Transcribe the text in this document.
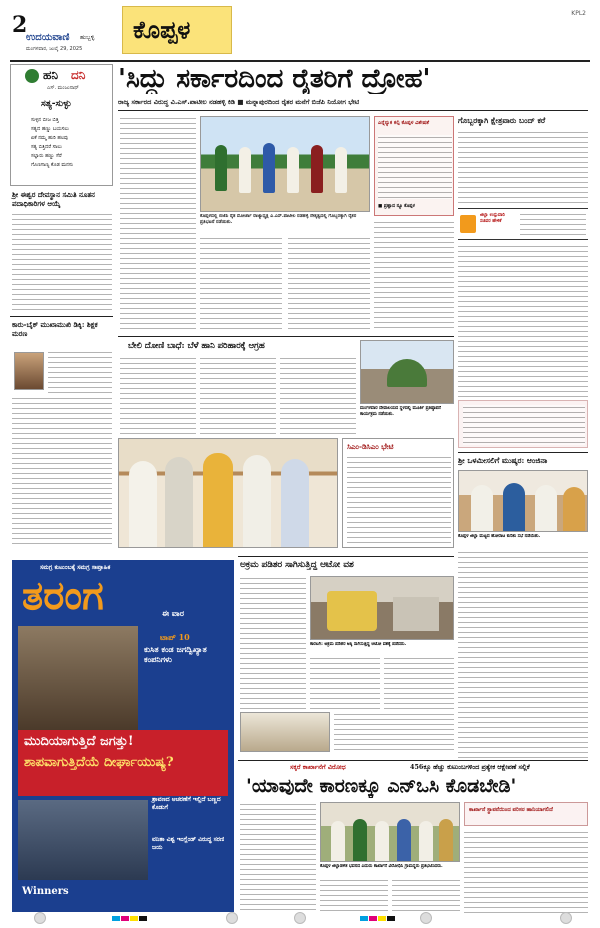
2
ಉದಯವಾಣಿ ಹುಬ್ಬಳ್ಳಿ
ಮಂಗಳವಾರ, ಜುಲೈ 29, 2025
ಕೊಪ್ಪಳ
KPL2
ಹನಿ ದನಿ
ಎಸ್. ಮಂಜುನಾಥ್
ಸತ್ಯ-ಸುಳ್ಳು
ಸುಳ್ಳಿನ ಬೀಜ ಬಿತ್ತಿ
ಸತ್ಯದ ಹಣ್ಣು ಬಯಸಲು
ಏಕೆ ನಮ್ಮ ಹುರಿ ಹಲವು
ಸತ್ಯ ಬಿತ್ತಿದರೆ ಸಾಲು
ಸಲ್ಲಾರು ಹಣ್ಣು ಸೆರೆ
ಗೊಣಗಾಣ್ಯ ಕೊಡ ಮನಸು
ಶ್ರೀ ಈಶ್ವರ ದೇವಸ್ಥಾನ ಸಮಿತಿ ನೂತನ ಪದಾಧಿಕಾರಿಗಳ ಆಯ್ಕೆ
ಕಾರು-ಬೈಕ್ ಮುಖಾಮುಖಿ ಡಿಕ್ಕಿ: ಶಿಕ್ಷಕ ಮರಣ
'ಸಿದ್ದು ಸರ್ಕಾರದಿಂದ ರೈತರಿಗೆ ದ್ರೋಹ'
ರಾಜ್ಯ ಸರ್ಕಾರದ ವಿರುದ್ಧ ವಿ.ಎಸ್.ಪಾಟೀಲ ನಡಹಳ್ಳಿ ಕಿಡಿ ■ ಮನ್ನಾಪುರದಿಂದ ರೈತರ ಮನೆಗೆ ಬಿಜೆಪಿ ನಿಯೋಗ ಭೇಟಿ
ಕೊಪ್ಪಳದಲ್ಲಿ ಬಿಜೆಪಿ ರೈತ ಮೋರ್ಚಾ ರಾಜ್ಯಾಧ್ಯಕ್ಷ ಎ.ಎಸ್.ಪಾಟೀಲ ನಡಹಳ್ಳಿ ನೇತೃತ್ವದಲ್ಲಿ ಗೊಬ್ಬರಕ್ಕಾಗಿ ರೈತರ ಪ್ರತಿಭಟನೆ ನಡೆಯಿತು.
ಎನ್ನೆನ್ಯುಕ ಕಲ್ಪಿ ಕೊಪ್ಪಳ ವಿಶೇಷತೆ
■ ಪ್ರಹ್ಲಾದ ನ್ಯೂ ಕೊಪ್ಪಳ
ಗೊಬ್ಬರಕ್ಕಾಗಿ ಕ್ಷೇತ್ರವಾರು ಬಂದ್ ಕರೆ
ಜಿಲ್ಲಾ ಉಸ್ತುವಾರಿ ಸಚಿವರ ಹೇಳಿಕೆ
ಬೇಲಿ ದೋಣಿ ಬಾಧೆ: ಬೆಳೆ ಹಾನಿ ಪರಿಹಾರಕ್ಕೆ ಆಗ್ರಹ
ಮಂಗಳವಾರ ದೇವಾಲಯದ ಸ್ಥಳದಲ್ಲಿ ಮೂರ್ತಿ ಪ್ರತಿಷ್ಠಾಪನೆ ಕಾರ್ಯಕ್ರಮ ನಡೆಯಿತು.
ಸಿಎಂ-ಡಿಸಿಎಂ ಭೇಟಿ
ಶ್ರೀ ಒಳಮೀಸಲಿಗೆ ಮುಷ್ಕರ: ಆಂಜಿನಾ
ಕೊಪ್ಪಳ ಜಿಲ್ಲಾ ಮಟ್ಟದ ಹೋರಾಟ ಕುರಿತು ಸಭೆ ನಡೆಯಿತು.
ಸಮಗ್ರ ಕುಟುಂಬಕ್ಕೆ ಸಮಗ್ರ ಸಾಪ್ತಾಹಿಕ
ತರಂಗ	ಈ ವಾರ
ಟಾಪ್ 10
ಕುಸಿತ ಕಂಡ ಜಗದ್ವಿಖ್ಯಾತ ಕಂಪನಿಗಳು
ಮುದಿಯಾಗುತ್ತಿದೆ ಜಗತ್ತು!
ಶಾಪವಾಗುತ್ತಿದೆಯೆ ದೀರ್ಘಾಯುಷ್ಯ?
ಶ್ರಾವಣದ ಆಚರಣೆಗೆ ಇಲ್ಲಿದೆ ಬಣ್ಣದ ಕೊಡುಗೆ
ವನಿತಾ ವಿಶ್ವ ಇಂಗ್ಲೆಂಡ್ ವಿರುದ್ಧ ಸರಣಿ ಜಯ
Winners
ಅಕ್ರಮ ಪಡಿತರ ಸಾಗಿಸುತ್ತಿದ್ದ ಆಟೋ ವಶ
ಕಾರಟಗಿ: ಅಕ್ರಮ ಪಡಿತರ ಅಕ್ಕಿ ಸಾಗಿಸುತ್ತಿದ್ದ ಆಟೋ ವಶಕ್ಕೆ ಪಡೆದರು.
ಸಕ್ಕರೆ ಕಾರ್ಖಾನೆಗೆ ವಿರೋಧ	456ಕ್ಕೂ ಹೆಚ್ಚು ಕುಟುಂಬಗಳಿಂದ ಪ್ರತ್ಯೇಕ ಆಕ್ಷೇಪಣೆ ಸಲ್ಲಿಕೆ
'ಯಾವುದೇ ಕಾರಣಕ್ಕೂ ಎನ್‌ಒಸಿ ಕೊಡಬೇಡಿ'
ಕೊಪ್ಪಳ ಜಿಲ್ಲಾಡಳಿತ ಭವನದ ಎದುರು ಕಾರ್ಖಾನೆ ವಿರೋಧಿಸಿ ಗ್ರಾಮಸ್ಥರು ಪ್ರತಿಭಟಿಸಿದರು.
ಕಾರ್ಖಾನೆ ಸ್ಥಾಪನೆಯಿಂದ ಪರಿಸರ ಹಾನಿಯಾಗಲಿದೆ
